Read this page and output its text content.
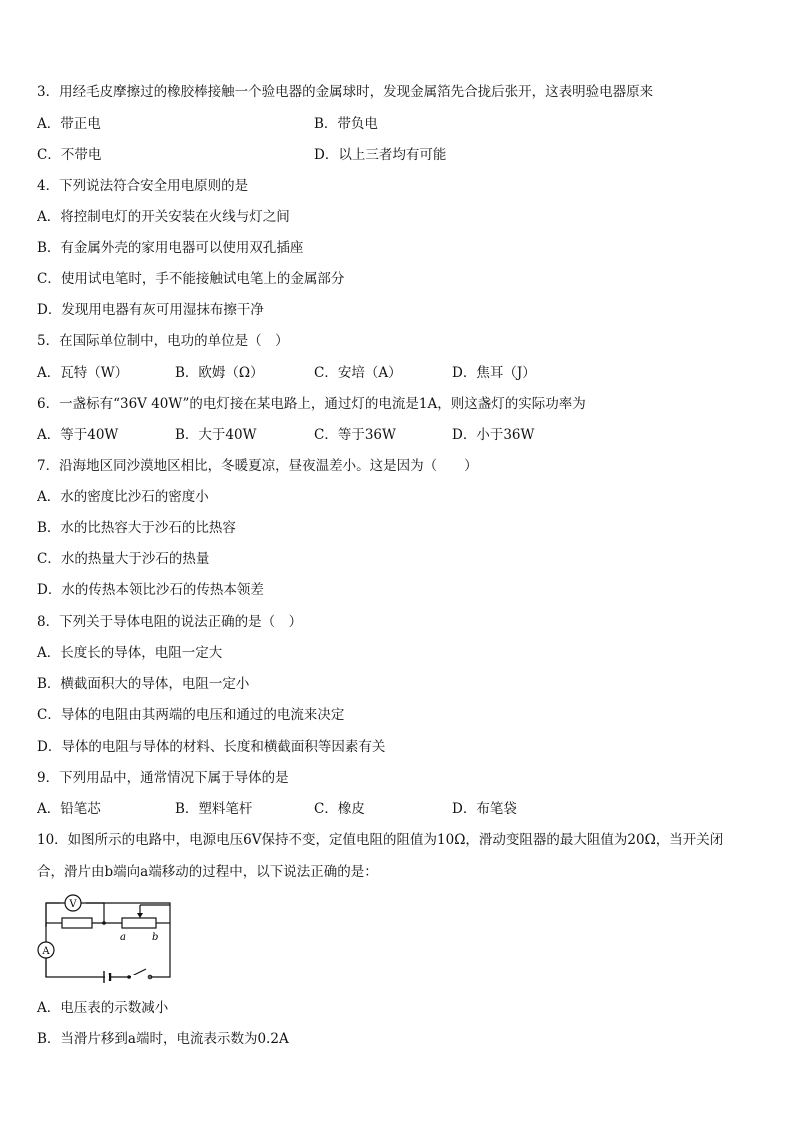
3．用经毛皮摩擦过的橡胶棒接触一个验电器的金属球时，发现金属箔先合拢后张开，这表明验电器原来
A．带正电	B．带负电
C．不带电	D．以上三者均有可能
4．下列说法符合安全用电原则的是
A．将控制电灯的开关安装在火线与灯之间
B．有金属外壳的家用电器可以使用双孔插座
C．使用试电笔时，手不能接触试电笔上的金属部分
D．发现用电器有灰可用湿抹布擦干净
5．在国际单位制中，电功的单位是（　）
A．瓦特（W）	B．欧姆（Ω）	C．安培（A）	D．焦耳（J）
6．一盏标有“36V 40W”的电灯接在某电路上，通过灯的电流是1A，则这盏灯的实际功率为
A．等于40W	B．大于40W	C．等于36W	D．小于36W
7．沿海地区同沙漠地区相比，冬暖夏凉，昼夜温差小。这是因为（　　）
A．水的密度比沙石的密度小
B．水的比热容大于沙石的比热容
C．水的热量大于沙石的热量
D．水的传热本领比沙石的传热本领差
8．下列关于导体电阻的说法正确的是（　）
A．长度长的导体，电阻一定大
B．横截面积大的导体，电阻一定小
C．导体的电阻由其两端的电压和通过的电流来决定
D．导体的电阻与导体的材料、长度和横截面积等因素有关
9．下列用品中，通常情况下属于导体的是
A．铅笔芯	B．塑料笔杆	C．橡皮	D．布笔袋
10．如图所示的电路中，电源电压6V保持不变，定值电阻的阻值为10Ω，滑动变阻器的最大阻值为20Ω，当开关闭
合，滑片由b端向a端移动的过程中，以下说法正确的是：
V
A
a	b
A．电压表的示数减小
B．当滑片移到a端时，电流表示数为0.2A
